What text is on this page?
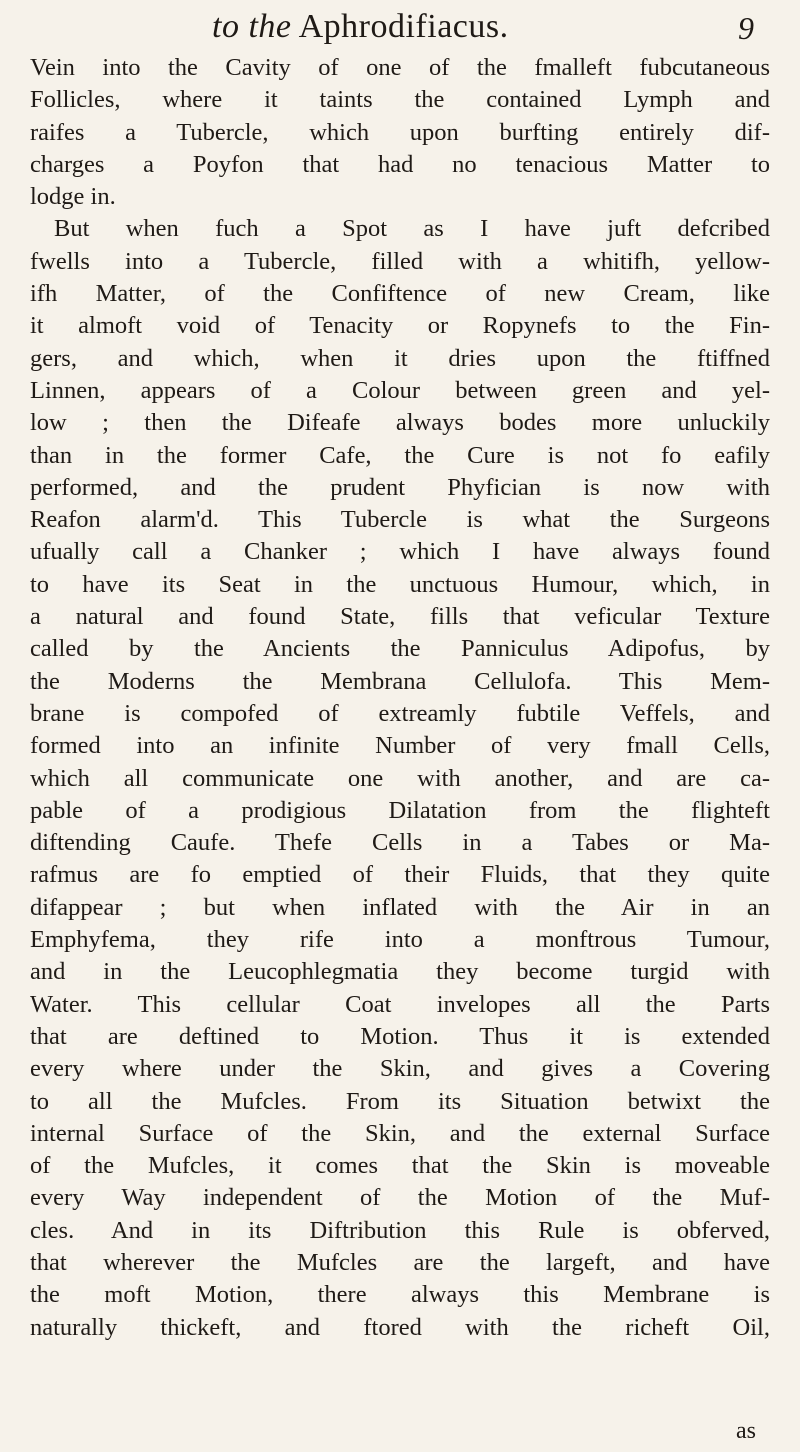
to the Aphrodifiacus.	9
Vein into the Cavity of one of the fmalleft fubcutaneous
Follicles, where it taints the contained Lymph and
raifes a Tubercle, which upon burfting entirely dif-
charges a Poyfon that had no tenacious Matter to
lodge in.
But when fuch a Spot as I have juft defcribed
fwells into a Tubercle, filled with a whitifh, yellow-
ifh Matter, of the Confiftence of new Cream, like
it almoft void of Tenacity or Ropynefs to the Fin-
gers, and which, when it dries upon the ftiffned
Linnen, appears of a Colour between green and yel-
low ; then the Difeafe always bodes more unluckily
than in the former Cafe, the Cure is not fo eafily
performed, and the prudent Phyfician is now with
Reafon alarm'd. This Tubercle is what the Surgeons
ufually call a Chanker ; which I have always found
to have its Seat in the unctuous Humour, which, in
a natural and found State, fills that veficular Texture
called by the Ancients the Panniculus Adipofus, by
the Moderns the Membrana Cellulofa. This Mem-
brane is compofed of extreamly fubtile Veffels, and
formed into an infinite Number of very fmall Cells,
which all communicate one with another, and are ca-
pable of a prodigious Dilatation from the flighteft
diftending Caufe. Thefe Cells in a Tabes or Ma-
rafmus are fo emptied of their Fluids, that they quite
difappear ; but when inflated with the Air in an
Emphyfema, they rife into a monftrous Tumour,
and in the Leucophlegmatia they become turgid with
Water. This cellular Coat invelopes all the Parts
that are deftined to Motion. Thus it is extended
every where under the Skin, and gives a Covering
to all the Mufcles. From its Situation betwixt the
internal Surface of the Skin, and the external Surface
of the Mufcles, it comes that the Skin is moveable
every Way independent of the Motion of the Muf-
cles. And in its Diftribution this Rule is obferved,
that wherever the Mufcles are the largeft, and have
the moft Motion, there always this Membrane is
naturally thickeft, and ftored with the richeft Oil,
as
